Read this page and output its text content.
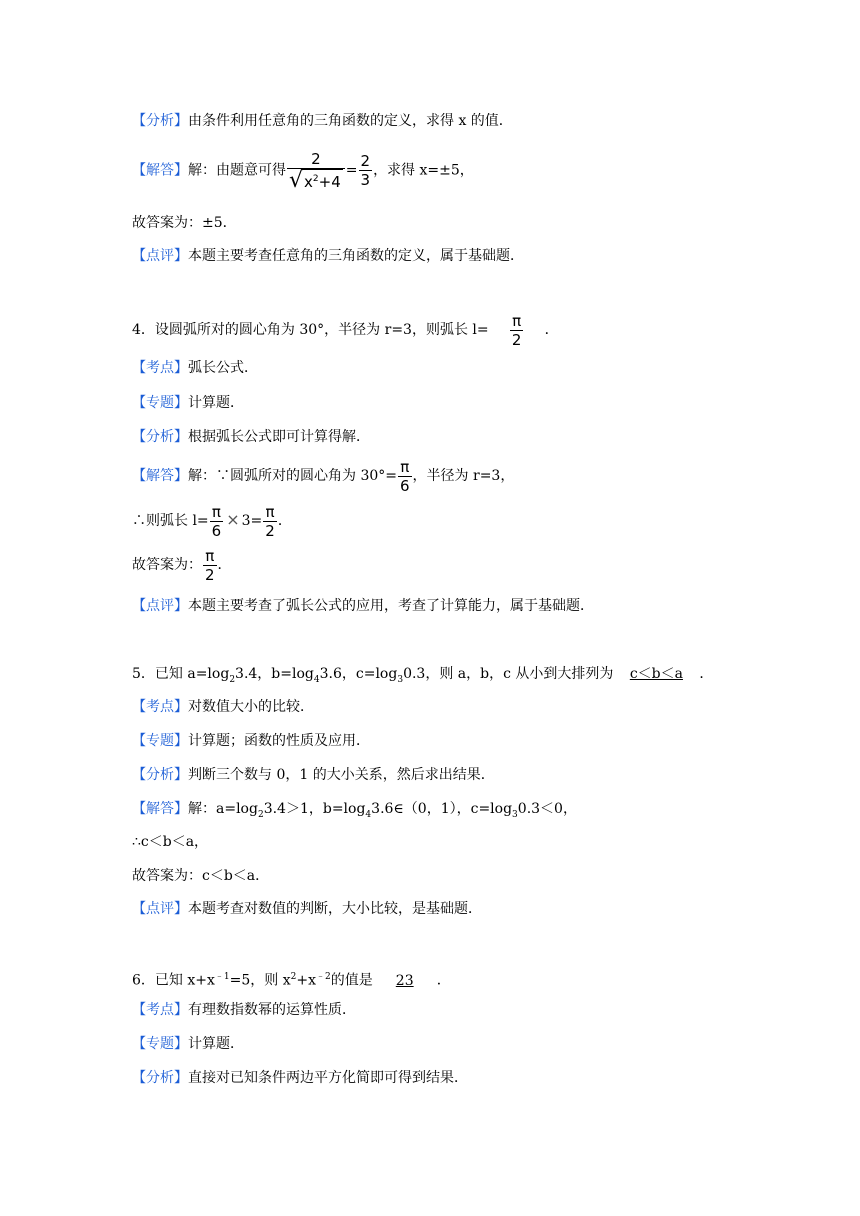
【分析】由条件利用任意角的三角函数的定义，求得 x 的值．
【解答】解：由题意可得 $\frac{2}{√ x^2+4} = \frac{2}{3}$ ，求得 x=±5，
故答案为：±5．
【点评】本题主要考查任意角的三角函数的定义，属于基础题．
4．设圆弧所对的圆心角为 30°，半径为 r=3，则弧长 $l= \frac{\pi}{2}$ ．
【考点】弧长公式．
【专题】计算题．
【分析】根据弧长公式即可计算得解．
【解答】解：∵圆弧所对的圆心角为 $30^\circ= \frac{\pi}{6}$ ，半径为 r=3，
∴则弧长 $l= \frac{\pi}{6} \times 3= \frac{\pi}{2}$ ．
故答案为： $\frac{\pi}{2}$ ．
【点评】本题主要考查了弧长公式的应用，考查了计算能力，属于基础题．
5．已知 $a=\log_23.4$，$b=\log_43.6$，$c=\log_30.3$，则 a，b，c 从小到大排列为 c＜b＜a ．
【考点】对数值大小的比较．
【专题】计算题；函数的性质及应用．
【分析】判断三个数与 0，1 的大小关系，然后求出结果．
【解答】解：$a=\log_23.4>1$，$b=\log_43.6\in(0$，1），$c=\log_30.3<0$，
∴c＜b＜a，
故答案为：c＜b＜a．
【点评】本题考查对数值的判断，大小比较，是基础题．
6．已知 $x+x^{﹣1}=5$，则 $x^2+x^{﹣2}$的值是 23 ．
【考点】有理数指数幂的运算性质．
【专题】计算题．
【分析】直接对已知条件两边平方化简即可得到结果．
